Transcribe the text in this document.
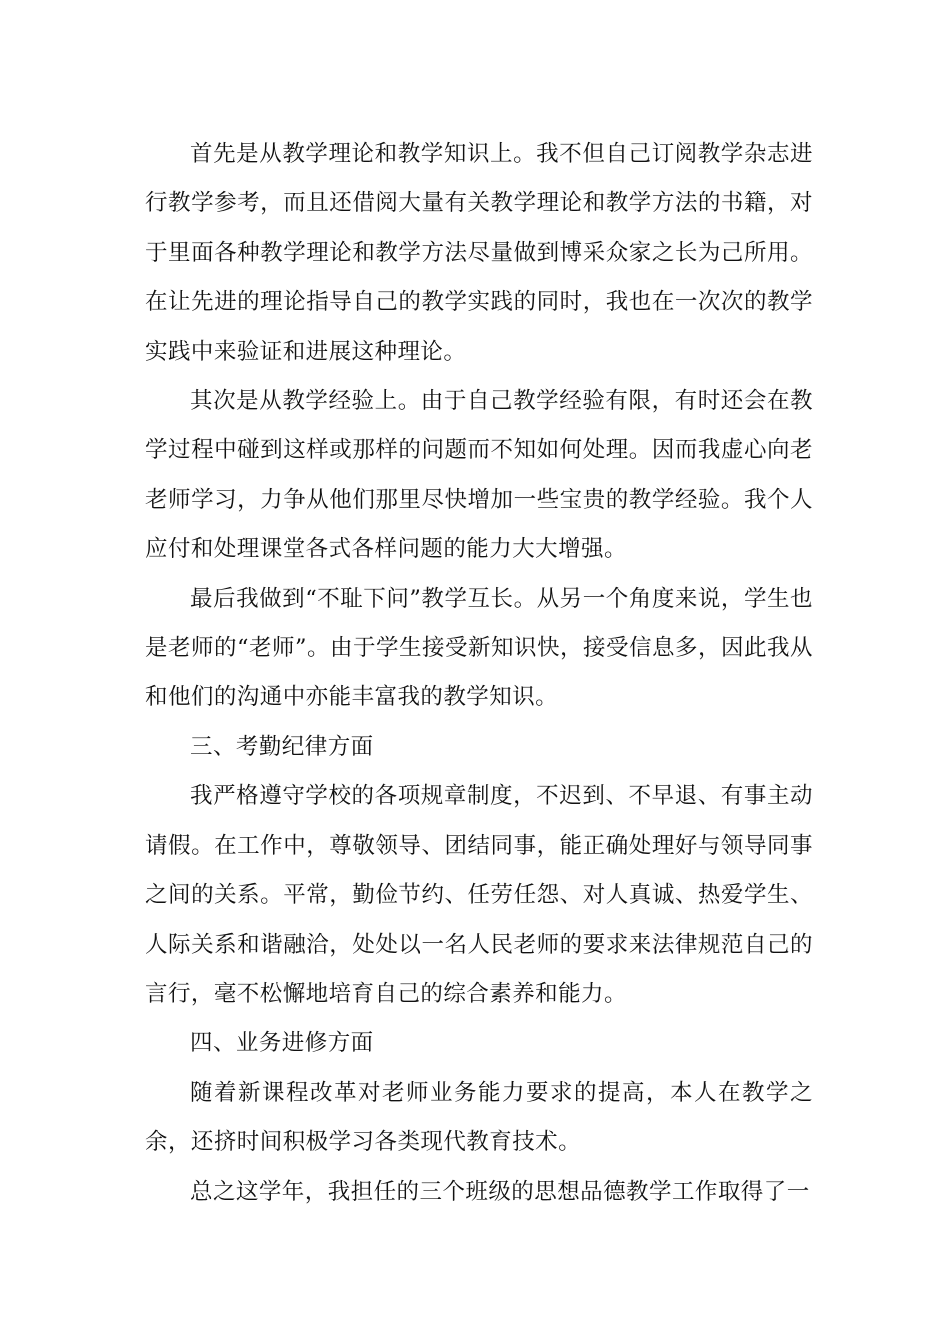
首先是从教学理论和教学知识上。我不但自己订阅教学杂志进行教学参考，而且还借阅大量有关教学理论和教学方法的书籍，对于里面各种教学理论和教学方法尽量做到博采众家之长为己所用。在让先进的理论指导自己的教学实践的同时，我也在一次次的教学实践中来验证和进展这种理论。

其次是从教学经验上。由于自己教学经验有限，有时还会在教学过程中碰到这样或那样的问题而不知如何处理。因而我虚心向老老师学习，力争从他们那里尽快增加一些宝贵的教学经验。我个人应付和处理课堂各式各样问题的能力大大增强。

最后我做到“不耻下问”教学互长。从另一个角度来说，学生也是老师的“老师”。由于学生接受新知识快，接受信息多，因此我从和他们的沟通中亦能丰富我的教学知识。

三、考勤纪律方面

我严格遵守学校的各项规章制度，不迟到、不早退、有事主动请假。在工作中，尊敬领导、团结同事，能正确处理好与领导同事之间的关系。平常，勤俭节约、任劳任怨、对人真诚、热爱学生、人际关系和谐融洽，处处以一名人民老师的要求来法律规范自己的言行，毫不松懈地培育自己的综合素养和能力。

四、业务进修方面

随着新课程改革对老师业务能力要求的提高，本人在教学之余，还挤时间积极学习各类现代教育技术。

总之这学年，我担任的三个班级的思想品德教学工作取得了一
